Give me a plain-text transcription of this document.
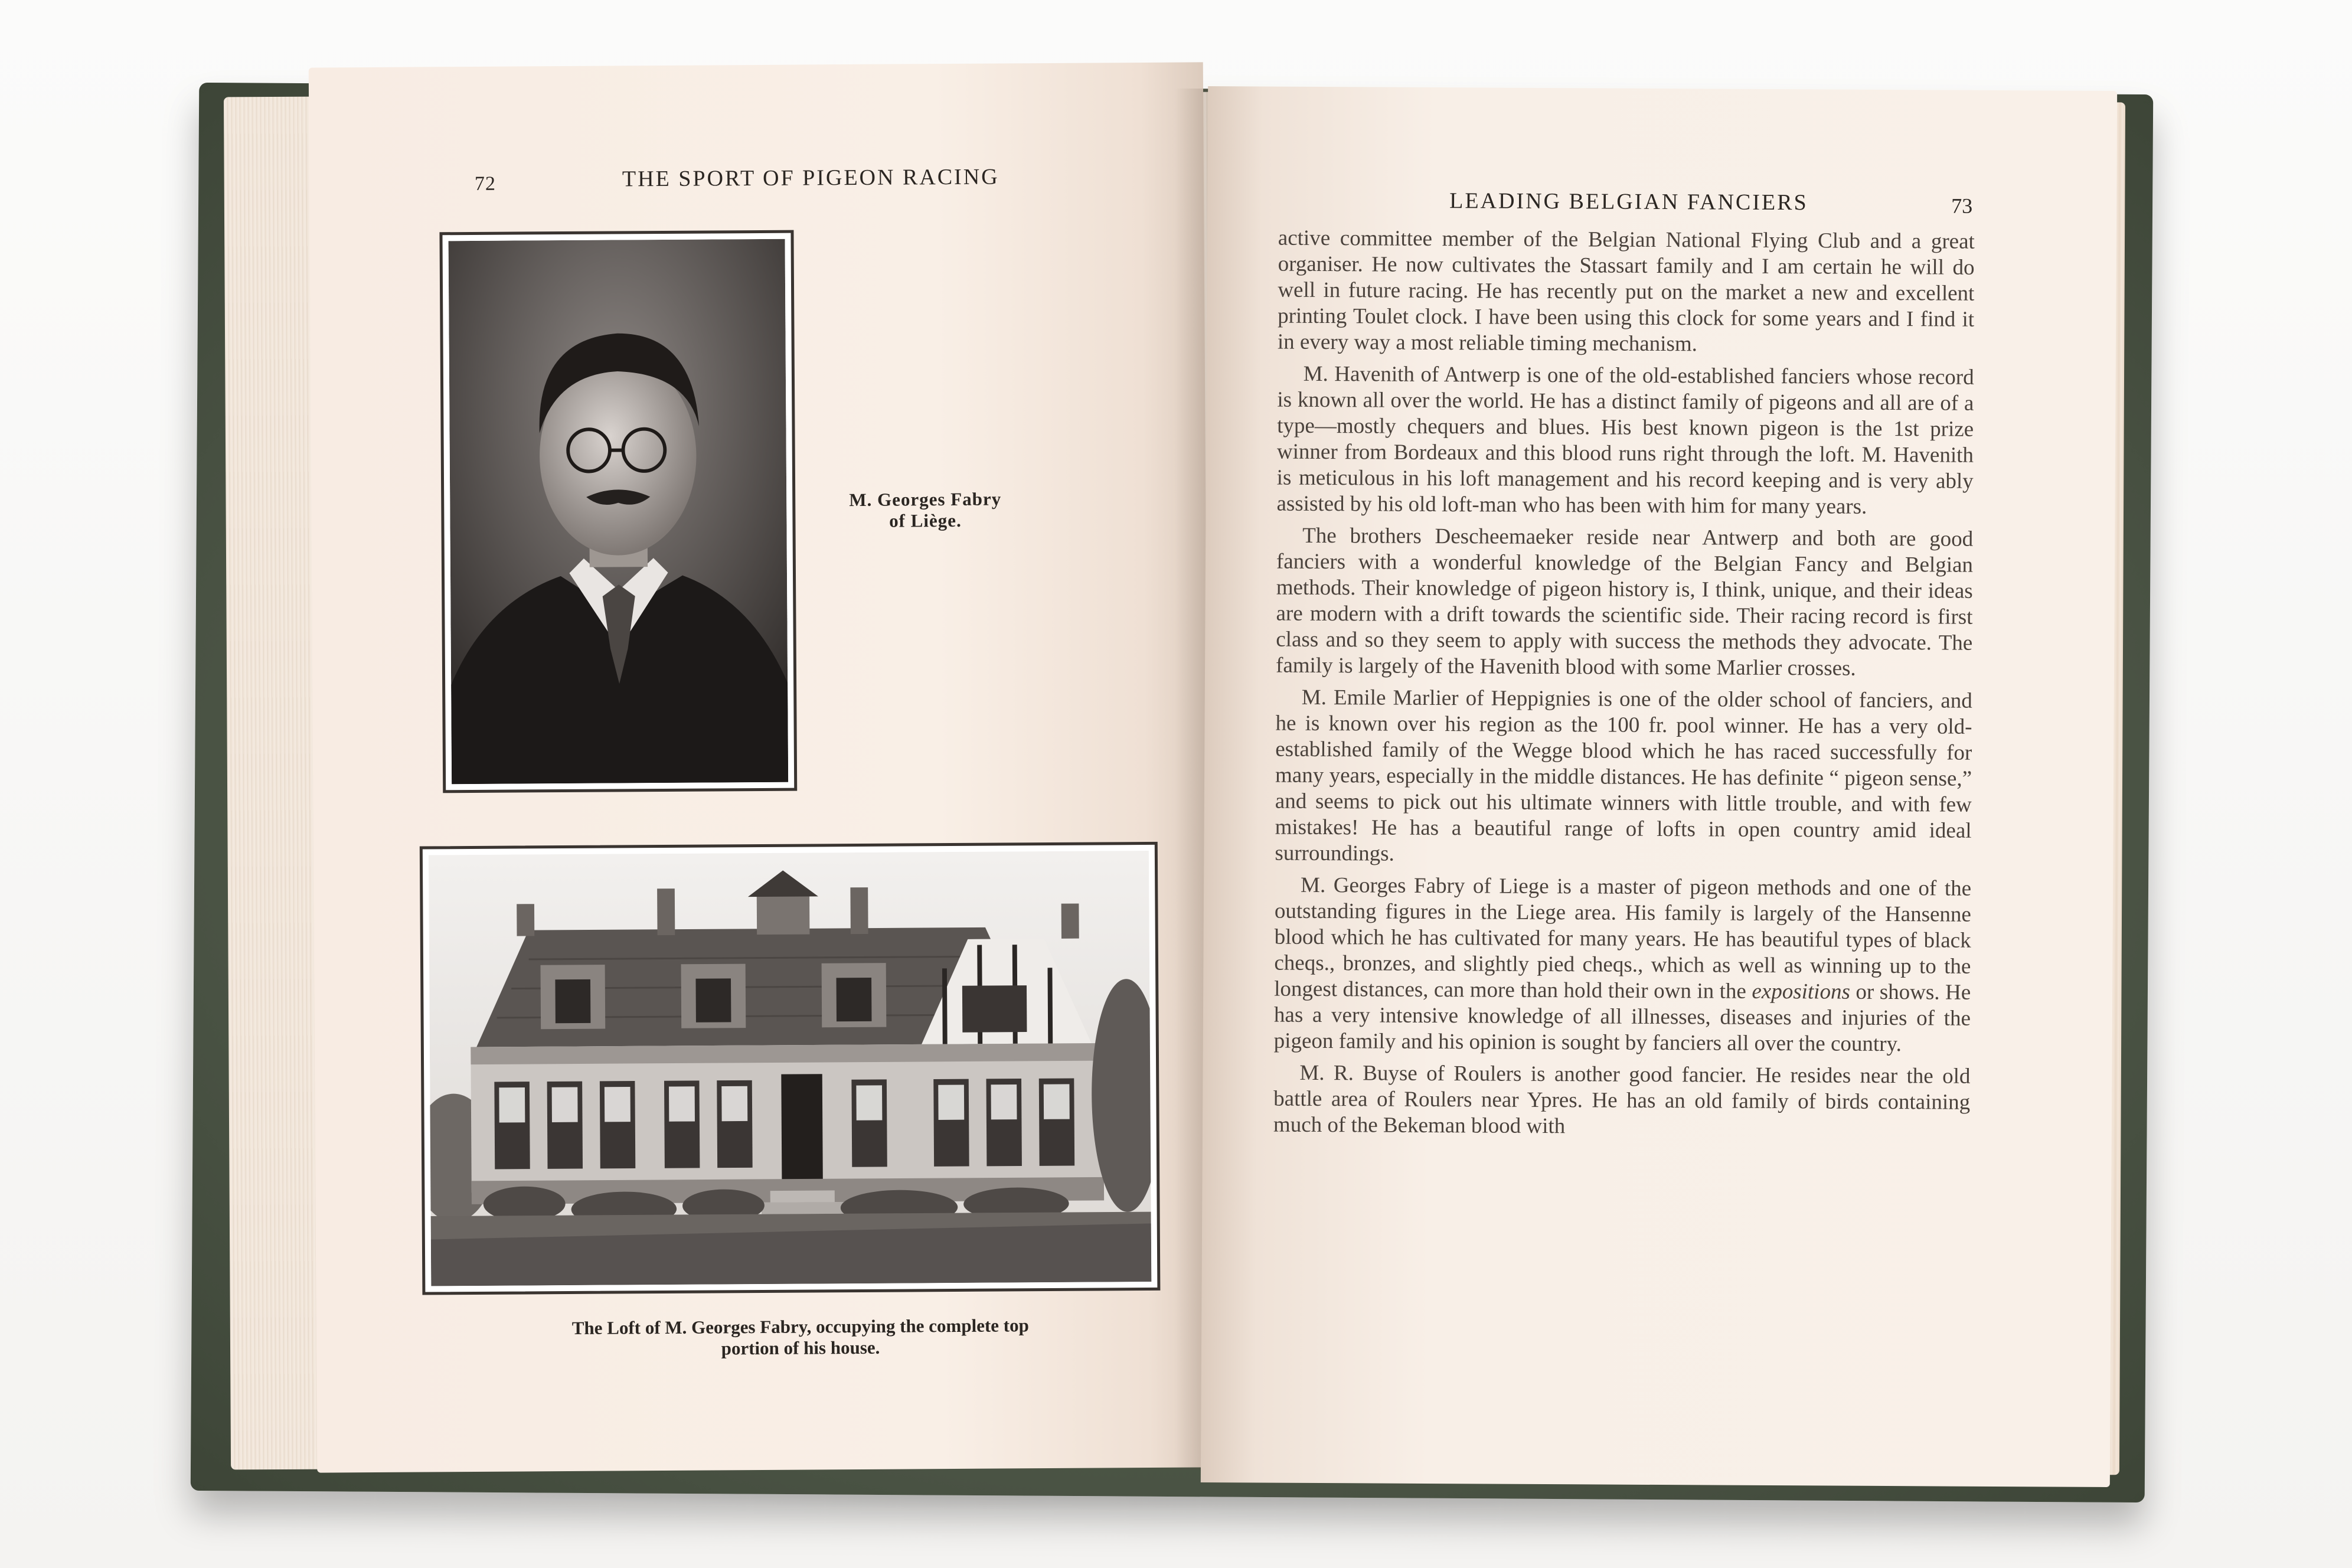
72	THE SPORT OF PIGEON RACING
M. Georges Fabry
of Liège.
The Loft of M. Georges Fabry, occupying the complete top
portion of his house.
LEADING BELGIAN FANCIERS	73

active committee member of the Belgian National Flying Club and a great organiser. He now cultivates the Stassart family and I am certain he will do well in future racing. He has recently put on the market a new and excellent printing Toulet clock. I have been using this clock for some years and I find it in every way a most reliable timing mechanism.

M. Havenith of Antwerp is one of the old-established fanciers whose record is known all over the world. He has a distinct family of pigeons and all are of a type—mostly chequers and blues. His best known pigeon is the 1st prize winner from Bordeaux and this blood runs right through the loft. M. Havenith is meticulous in his loft management and his record keeping and is very ably assisted by his old loft-man who has been with him for many years.

The brothers Descheemaeker reside near Antwerp and both are good fanciers with a wonderful knowledge of the Belgian Fancy and Belgian methods. Their knowledge of pigeon history is, I think, unique, and their ideas are modern with a drift towards the scientific side. Their racing record is first class and so they seem to apply with success the methods they advocate. The family is largely of the Havenith blood with some Marlier crosses.

M. Emile Marlier of Heppignies is one of the older school of fanciers, and he is known over his region as the 100 fr. pool winner. He has a very old-established family of the Wegge blood which he has raced successfully for many years, especially in the middle distances. He has definite “ pigeon sense,” and seems to pick out his ultimate winners with little trouble, and with few mistakes! He has a beautiful range of lofts in open country amid ideal surroundings.

M. Georges Fabry of Liege is a master of pigeon methods and one of the outstanding figures in the Liege area. His family is largely of the Hansenne blood which he has cultivated for many years. He has beautiful types of black cheqs., bronzes, and slightly pied cheqs., which as well as winning up to the longest distances, can more than hold their own in the expositions or shows. He has a very intensive knowledge of all illnesses, diseases and injuries of the pigeon family and his opinion is sought by fanciers all over the country.

M. R. Buyse of Roulers is another good fancier. He resides near the old battle area of Roulers near Ypres. He has an old family of birds containing much of the Bekeman blood with
